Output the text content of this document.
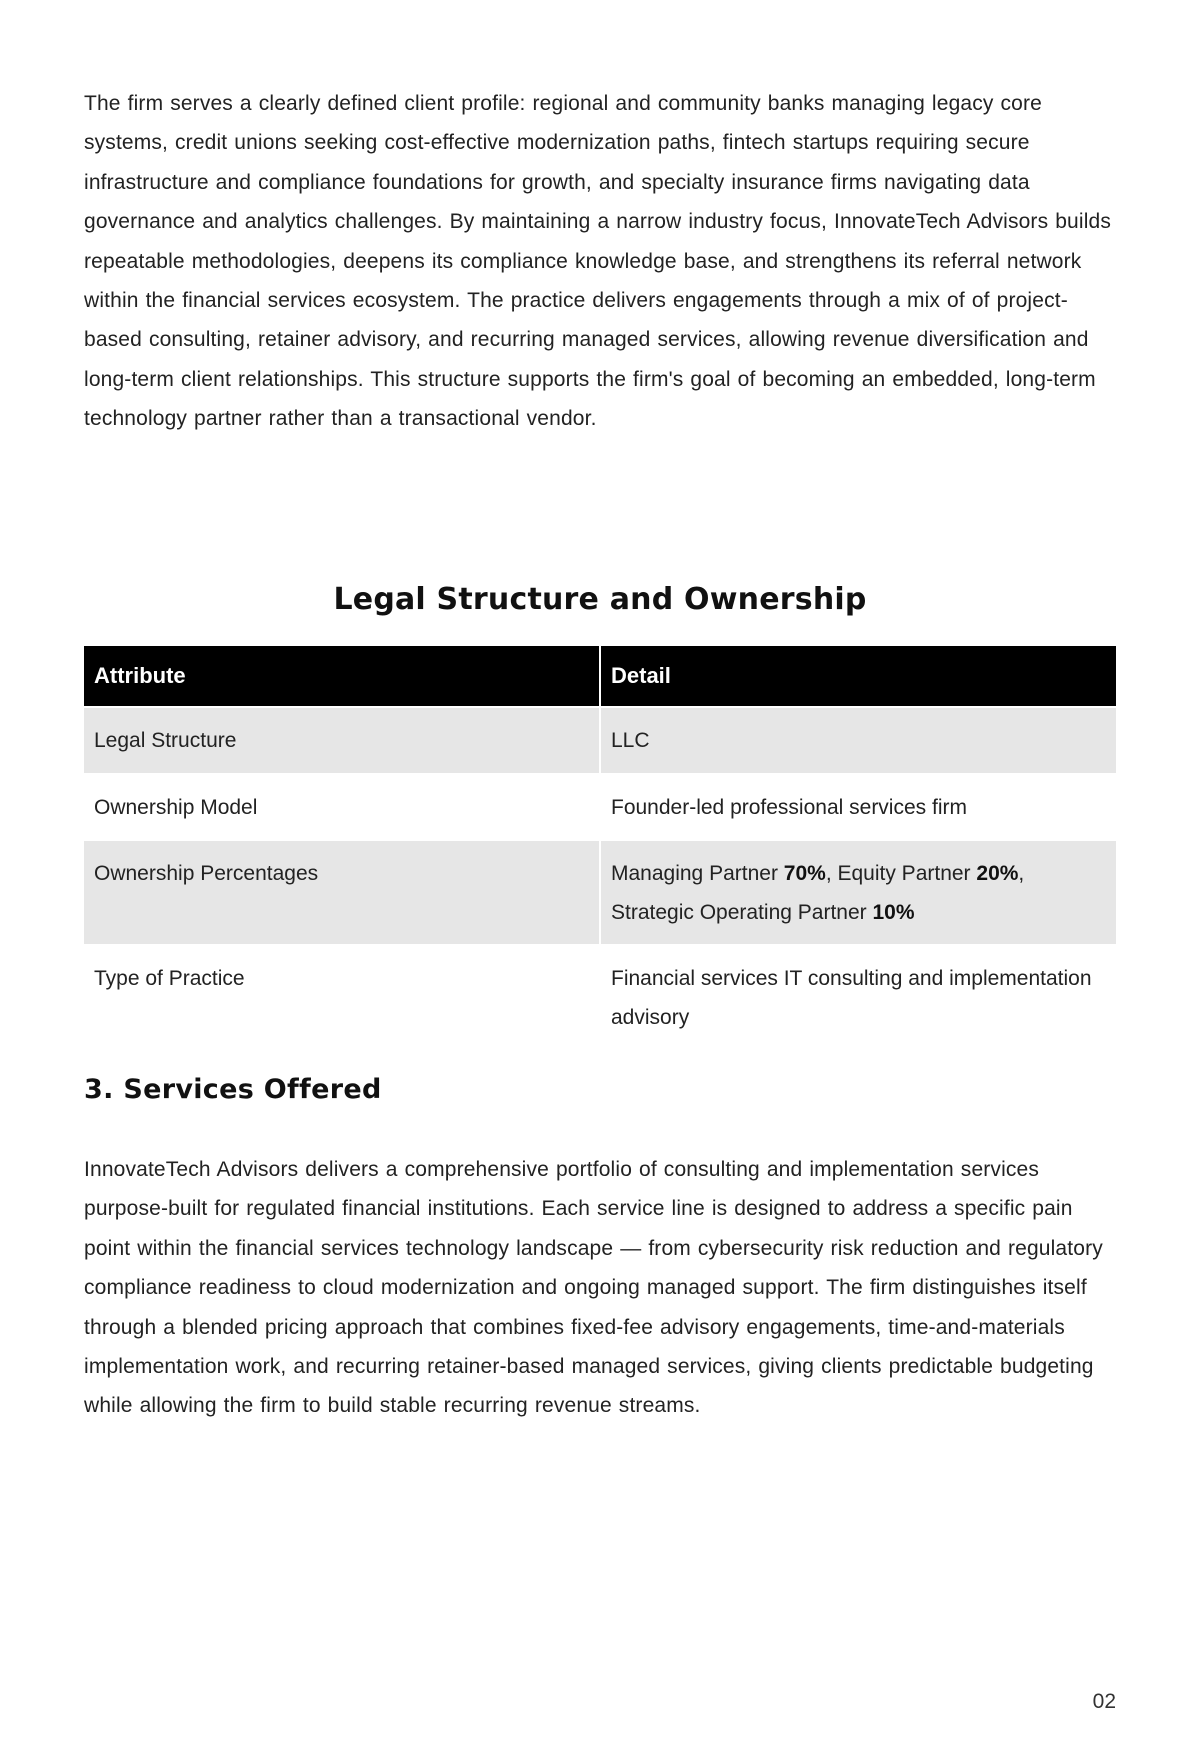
The firm serves a clearly defined client profile: regional and community banks managing legacy core systems, credit unions seeking cost-effective modernization paths, fintech startups requiring secure infrastructure and compliance foundations for growth, and specialty insurance firms navigating data governance and analytics challenges. By maintaining a narrow industry focus, InnovateTech Advisors builds repeatable methodologies, deepens its compliance knowledge base, and strengthens its referral network within the financial services ecosystem. The practice delivers engagements through a mix of of project-based consulting, retainer advisory, and recurring managed services, allowing revenue diversification and long-term client relationships. This structure supports the firm's goal of becoming an embedded, long-term technology partner rather than a transactional vendor.

Legal Structure and Ownership
Attribute	Detail
Legal Structure	LLC
Ownership Model	Founder-led professional services firm
Ownership Percentages	Managing Partner 70%, Equity Partner 20%, Strategic Operating Partner 10%
Type of Practice	Financial services IT consulting and implementation advisory
3. Services Offered

InnovateTech Advisors delivers a comprehensive portfolio of consulting and implementation services purpose-built for regulated financial institutions. Each service line is designed to address a specific pain point within the financial services technology landscape — from cybersecurity risk reduction and regulatory compliance readiness to cloud modernization and ongoing managed support. The firm distinguishes itself through a blended pricing approach that combines fixed-fee advisory engagements, time-and-materials implementation work, and recurring retainer-based managed services, giving clients predictable budgeting while allowing the firm to build stable recurring revenue streams.

02
